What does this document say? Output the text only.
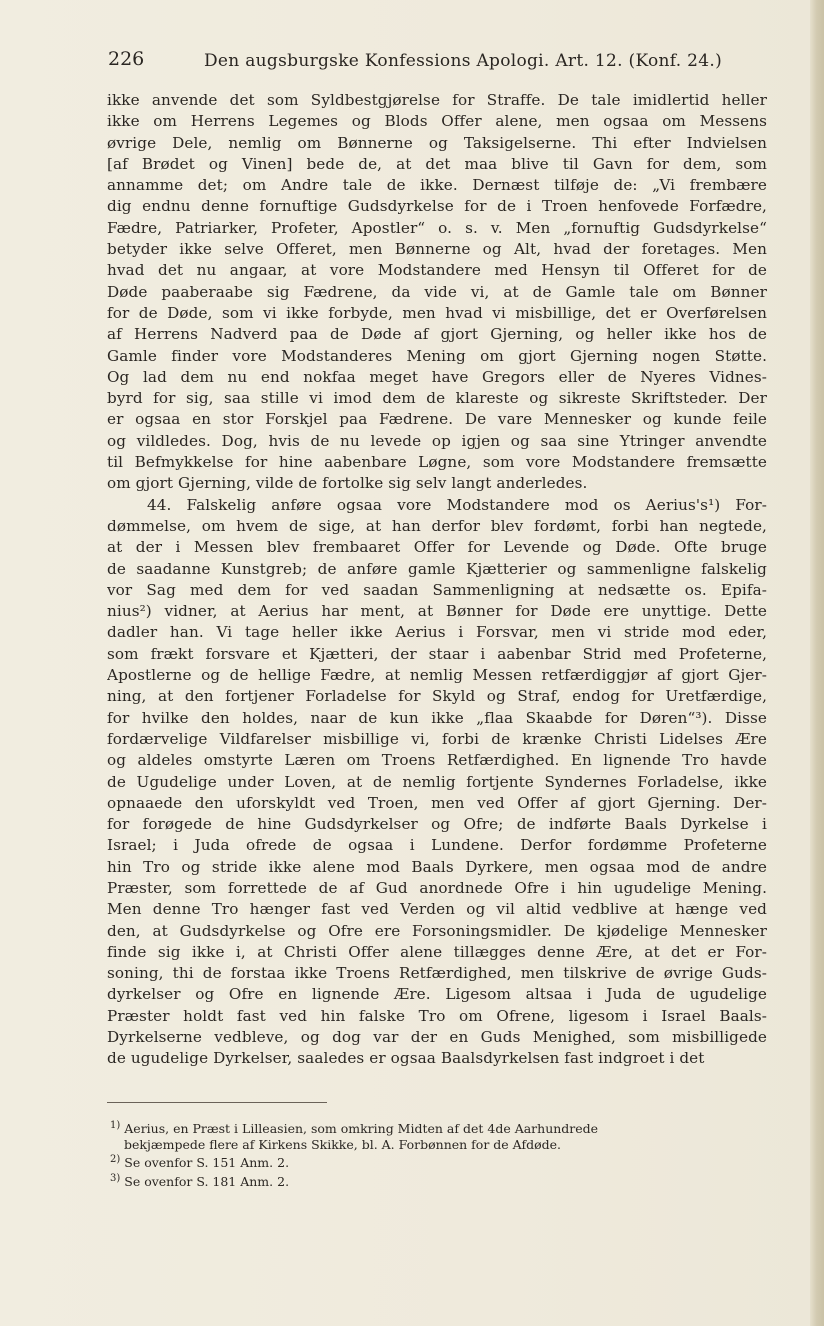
226	Den augsburgske Konfessions Apologi. Art. 12. (Konf. 24.)
ikke anvende det som Syldbestgjørelse for Straffe. De tale imidlertid heller
ikke om Herrens Legemes og Blods Offer alene, men ogsaa om Messens
øvrige Dele, nemlig om Bønnerne og Taksigelserne. Thi efter Indvielsen
[af Brødet og Vinen] bede de, at det maa blive til Gavn for dem, som
annamme det; om Andre tale de ikke. Dernæst tilføje de: „Vi frembære
dig endnu denne fornuftige Gudsdyrkelse for de i Troen henfovede Forfædre,
Fædre, Patriarker, Profeter, Apostler“ o. s. v. Men „fornuftig Gudsdyrkelse“
betyder ikke selve Offeret, men Bønnerne og Alt, hvad der foretages. Men
hvad det nu angaar, at vore Modstandere med Hensyn til Offeret for de
Døde paaberaabe sig Fædrene, da vide vi, at de Gamle tale om Bønner
for de Døde, som vi ikke forbyde, men hvad vi misbillige, det er Overførelsen
af Herrens Nadverd paa de Døde af gjort Gjerning, og heller ikke hos de
Gamle finder vore Modstanderes Mening om gjort Gjerning nogen Støtte.
Og lad dem nu end nokfaa meget have Gregors eller de Nyeres Vidnes-
byrd for sig, saa stille vi imod dem de klareste og sikreste Skriftsteder. Der
er ogsaa en stor Forskjel paa Fædrene. De vare Mennesker og kunde feile
og vildledes. Dog, hvis de nu levede op igjen og saa sine Ytringer anvendte
til Befmykkelse for hine aabenbare Løgne, som vore Modstandere fremsætte
om gjort Gjerning, vilde de fortolke sig selv langt anderledes.
44. Falskelig anføre ogsaa vore Modstandere mod os Aerius's¹) For-
dømmelse, om hvem de sige, at han derfor blev fordømt, forbi han negtede,
at der i Messen blev frembaaret Offer for Levende og Døde. Ofte bruge
de saadanne Kunstgreb; de anføre gamle Kjætterier og sammenligne falskelig
vor Sag med dem for ved saadan Sammenligning at nedsætte os. Epifa-
nius²) vidner, at Aerius har ment, at Bønner for Døde ere unyttige. Dette
dadler han. Vi tage heller ikke Aerius i Forsvar, men vi stride mod eder,
som frækt forsvare et Kjætteri, der staar i aabenbar Strid med Profeterne,
Apostlerne og de hellige Fædre, at nemlig Messen retfærdiggjør af gjort Gjer-
ning, at den fortjener Forladelse for Skyld og Straf, endog for Uretfærdige,
for hvilke den holdes, naar de kun ikke „flaa Skaabde for Døren“³). Disse
fordærvelige Vildfarelser misbillige vi, forbi de krænke Christi Lidelses Ære
og aldeles omstyrte Læren om Troens Retfærdighed. En lignende Tro havde
de Ugudelige under Loven, at de nemlig fortjente Syndernes Forladelse, ikke
opnaaede den uforskyldt ved Troen, men ved Offer af gjort Gjerning. Der-
for forøgede de hine Gudsdyrkelser og Ofre; de indførte Baals Dyrkelse i
Israel; i Juda ofrede de ogsaa i Lundene. Derfor fordømme Profeterne
hin Tro og stride ikke alene mod Baals Dyrkere, men ogsaa mod de andre
Præster, som forrettede de af Gud anordnede Ofre i hin ugudelige Mening.
Men denne Tro hænger fast ved Verden og vil altid vedblive at hænge ved
den, at Gudsdyrkelse og Ofre ere Forsoningsmidler. De kjødelige Mennesker
finde sig ikke i, at Christi Offer alene tillægges denne Ære, at det er For-
soning, thi de forstaa ikke Troens Retfærdighed, men tilskrive de øvrige Guds-
dyrkelser og Ofre en lignende Ære. Ligesom altsaa i Juda de ugudelige
Præster holdt fast ved hin falske Tro om Ofrene, ligesom i Israel Baals-
Dyrkelserne vedbleve, og dog var der en Guds Menighed, som misbilligede
de ugudelige Dyrkelser, saaledes er ogsaa Baalsdyrkelsen fast indgroet i det
$^{1)}$ Aerius, en Præst i Lilleasien, som omkring Midten af det 4de Aarhundrede
bekjæmpede flere af Kirkens Skikke, bl. A. Forbønnen for de Afdøde.
$^{2)}$ Se ovenfor S. 151 Anm. 2.
$^{3)}$ Se ovenfor S. 181 Anm. 2.
